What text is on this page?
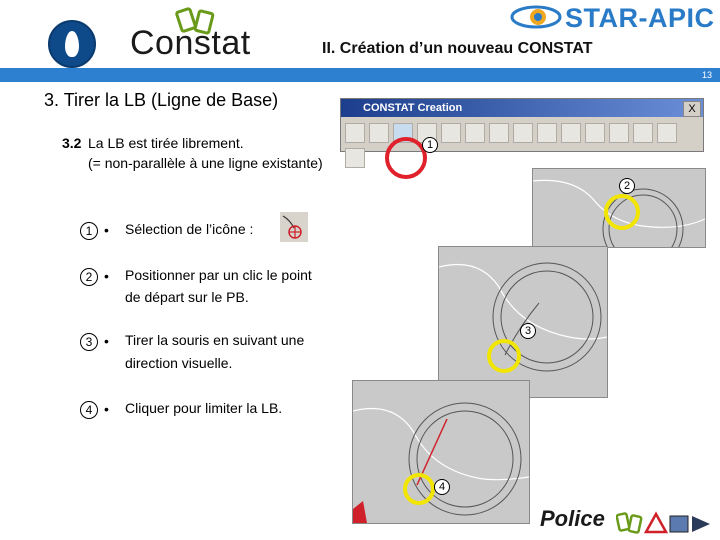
Constat	II. Création d’un nouveau CONSTAT
STAR-APIC
13
3. Tirer la LB (Ligne de Base)
3.2 La LB est tirée librement.
(= non-parallèle à une ligne existante)
1 • Sélection de l’icône :
2 • Positionner par un clic le point
de départ sur le PB.
3 • Tirer la souris en suivant une
direction visuelle.
4 • Cliquer pour limiter la LB.
CONSTAT Creation	X
1
2
3
4
Police
